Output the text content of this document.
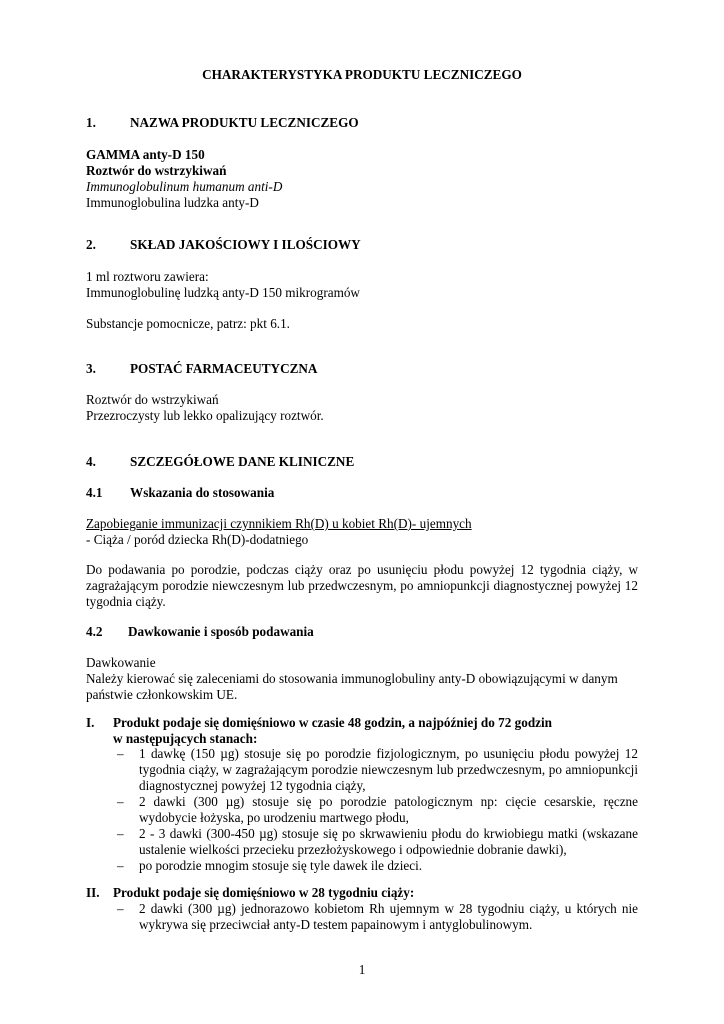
CHARAKTERYSTYKA PRODUKTU LECZNICZEGO
1.	NAZWA PRODUKTU LECZNICZEGO
GAMMA anty-D 150
Roztwór do wstrzykiwań
Immunoglobulinum humanum anti-D
Immunoglobulina ludzka anty-D
2.	SKŁAD JAKOŚCIOWY I ILOŚCIOWY
1 ml roztworu zawiera:
Immunoglobulinę ludzką anty-D 150 mikrogramów
Substancje pomocnicze, patrz: pkt 6.1.
3.	POSTAĆ FARMACEUTYCZNA
Roztwór do wstrzykiwań
Przezroczysty lub lekko opalizujący roztwór.
4.	SZCZEGÓŁOWE DANE KLINICZNE
4.1 Wskazania do stosowania
Zapobieganie immunizacji czynnikiem Rh(D) u kobiet Rh(D)- ujemnych
- Ciąża / poród dziecka Rh(D)-dodatniego
Do podawania po porodzie, podczas ciąży oraz po usunięciu płodu powyżej 12 tygodnia ciąży, w zagrażającym porodzie niewczesnym lub przedwczesnym, po amniopunkcji diagnostycznej powyżej 12 tygodnia ciąży.
4.2 Dawkowanie i sposób podawania
Dawkowanie
Należy kierować się zaleceniami do stosowania immunoglobuliny anty-D obowiązującymi w danym państwie członkowskim UE.
I. Produkt podaje się domięśniowo w czasie 48 godzin, a najpóźniej do 72 godzin
w następujących stanach:
– 1 dawkę (150 µg) stosuje się po porodzie fizjologicznym, po usunięciu płodu powyżej 12 tygodnia ciąży, w zagrażającym porodzie niewczesnym lub przedwczesnym, po amniopunkcji diagnostycznej powyżej 12 tygodnia ciąży,
– 2 dawki (300 µg) stosuje się po porodzie patologicznym np: cięcie cesarskie, ręczne wydobycie łożyska, po urodzeniu martwego płodu,
– 2 - 3 dawki (300-450 µg) stosuje się po skrwawieniu płodu do krwiobiegu matki (wskazane ustalenie wielkości przecieku przezłożyskowego i odpowiednie dobranie dawki),
– po porodzie mnogim stosuje się tyle dawek ile dzieci.
II. Produkt podaje się domięśniowo w 28 tygodniu ciąży:
– 2 dawki (300 µg) jednorazowo kobietom Rh ujemnym w 28 tygodniu ciąży, u których nie wykrywa się przeciwciał anty-D testem papainowym i antyglobulinowym.
1
